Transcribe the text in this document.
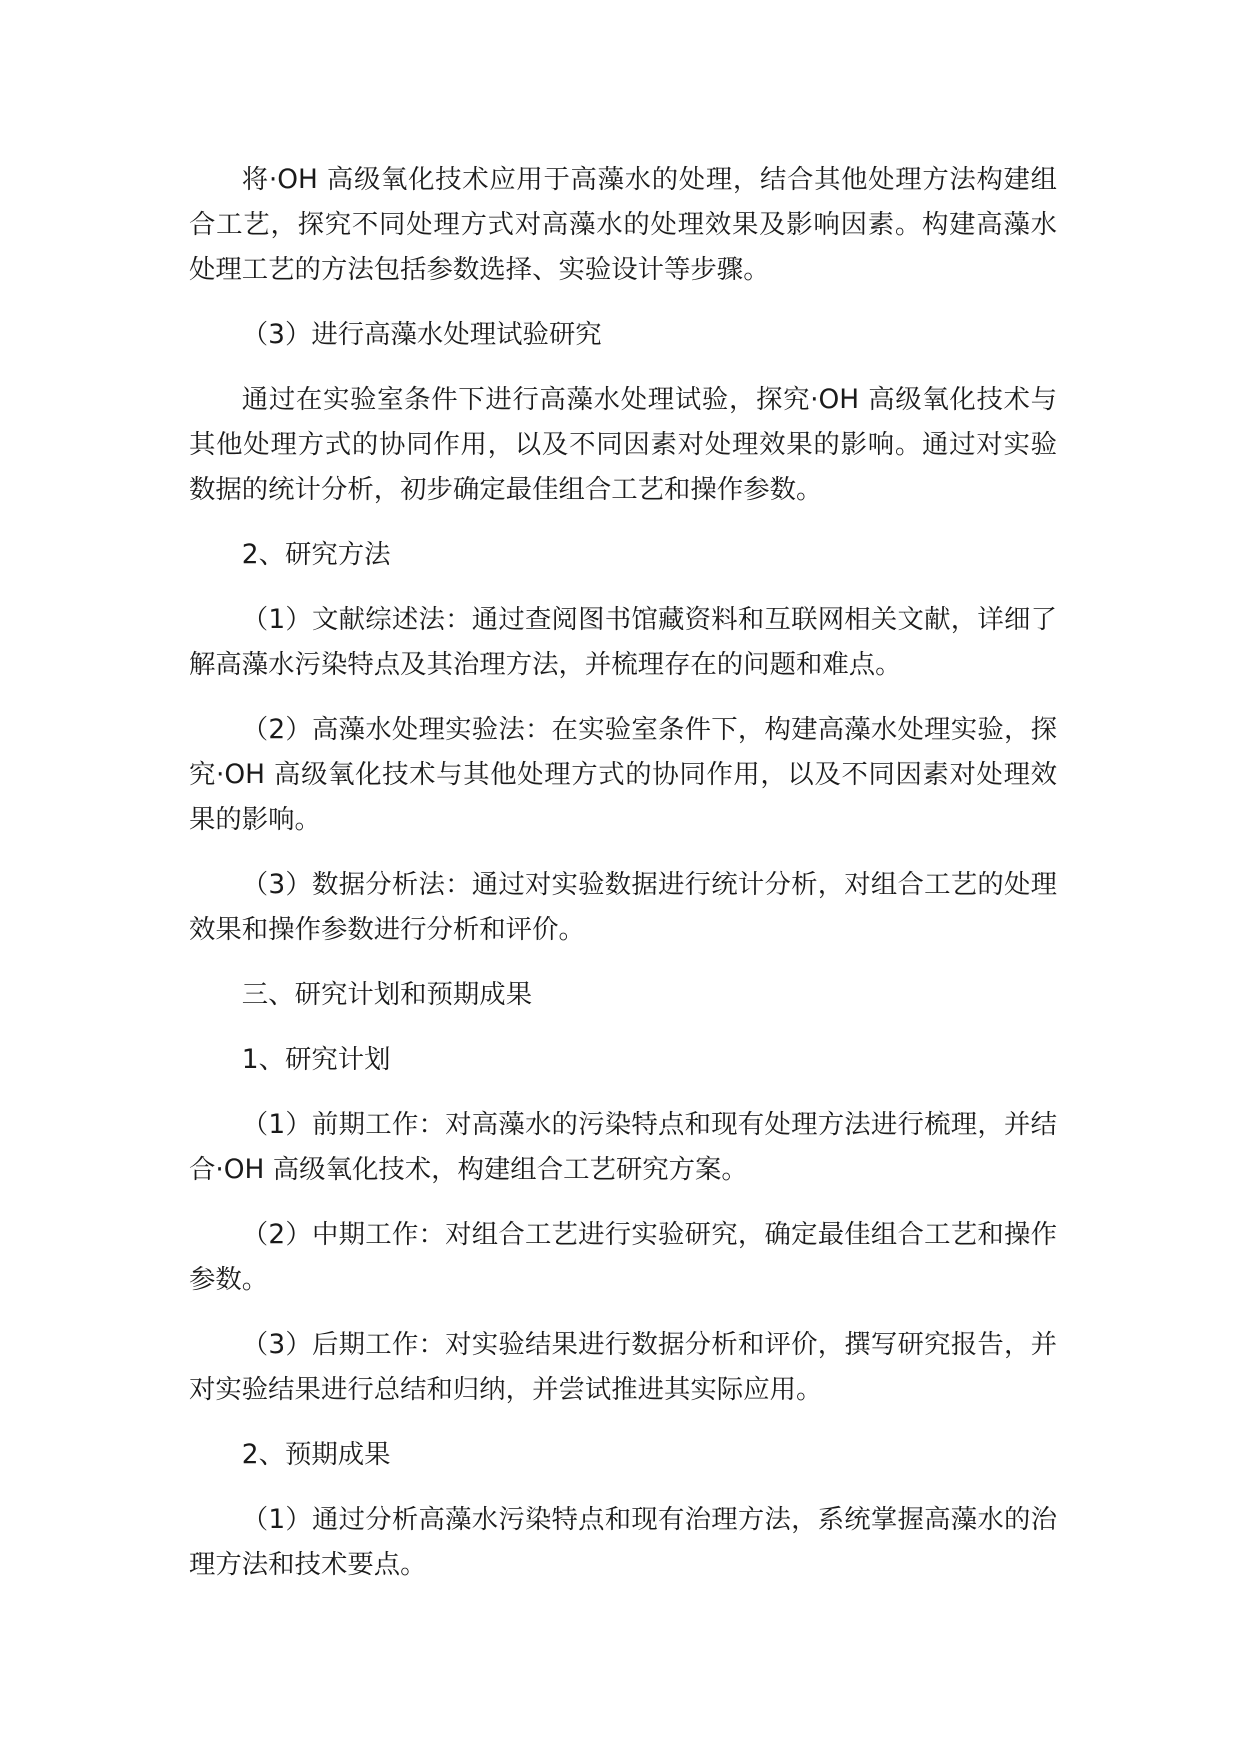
将·OH 高级氧化技术应用于高藻水的处理，结合其他处理方法构建组合工艺，探究不同处理方式对高藻水的处理效果及影响因素。构建高藻水处理工艺的方法包括参数选择、实验设计等步骤。

（3）进行高藻水处理试验研究

通过在实验室条件下进行高藻水处理试验，探究·OH 高级氧化技术与其他处理方式的协同作用，以及不同因素对处理效果的影响。通过对实验数据的统计分析，初步确定最佳组合工艺和操作参数。

2、研究方法

（1）文献综述法：通过查阅图书馆藏资料和互联网相关文献，详细了解高藻水污染特点及其治理方法，并梳理存在的问题和难点。

（2）高藻水处理实验法：在实验室条件下，构建高藻水处理实验，探究·OH 高级氧化技术与其他处理方式的协同作用，以及不同因素对处理效果的影响。

（3）数据分析法：通过对实验数据进行统计分析，对组合工艺的处理效果和操作参数进行分析和评价。

三、研究计划和预期成果

1、研究计划

（1）前期工作：对高藻水的污染特点和现有处理方法进行梳理，并结合·OH 高级氧化技术，构建组合工艺研究方案。

（2）中期工作：对组合工艺进行实验研究，确定最佳组合工艺和操作参数。

（3）后期工作：对实验结果进行数据分析和评价，撰写研究报告，并对实验结果进行总结和归纳，并尝试推进其实际应用。

2、预期成果

（1）通过分析高藻水污染特点和现有治理方法，系统掌握高藻水的治理方法和技术要点。
